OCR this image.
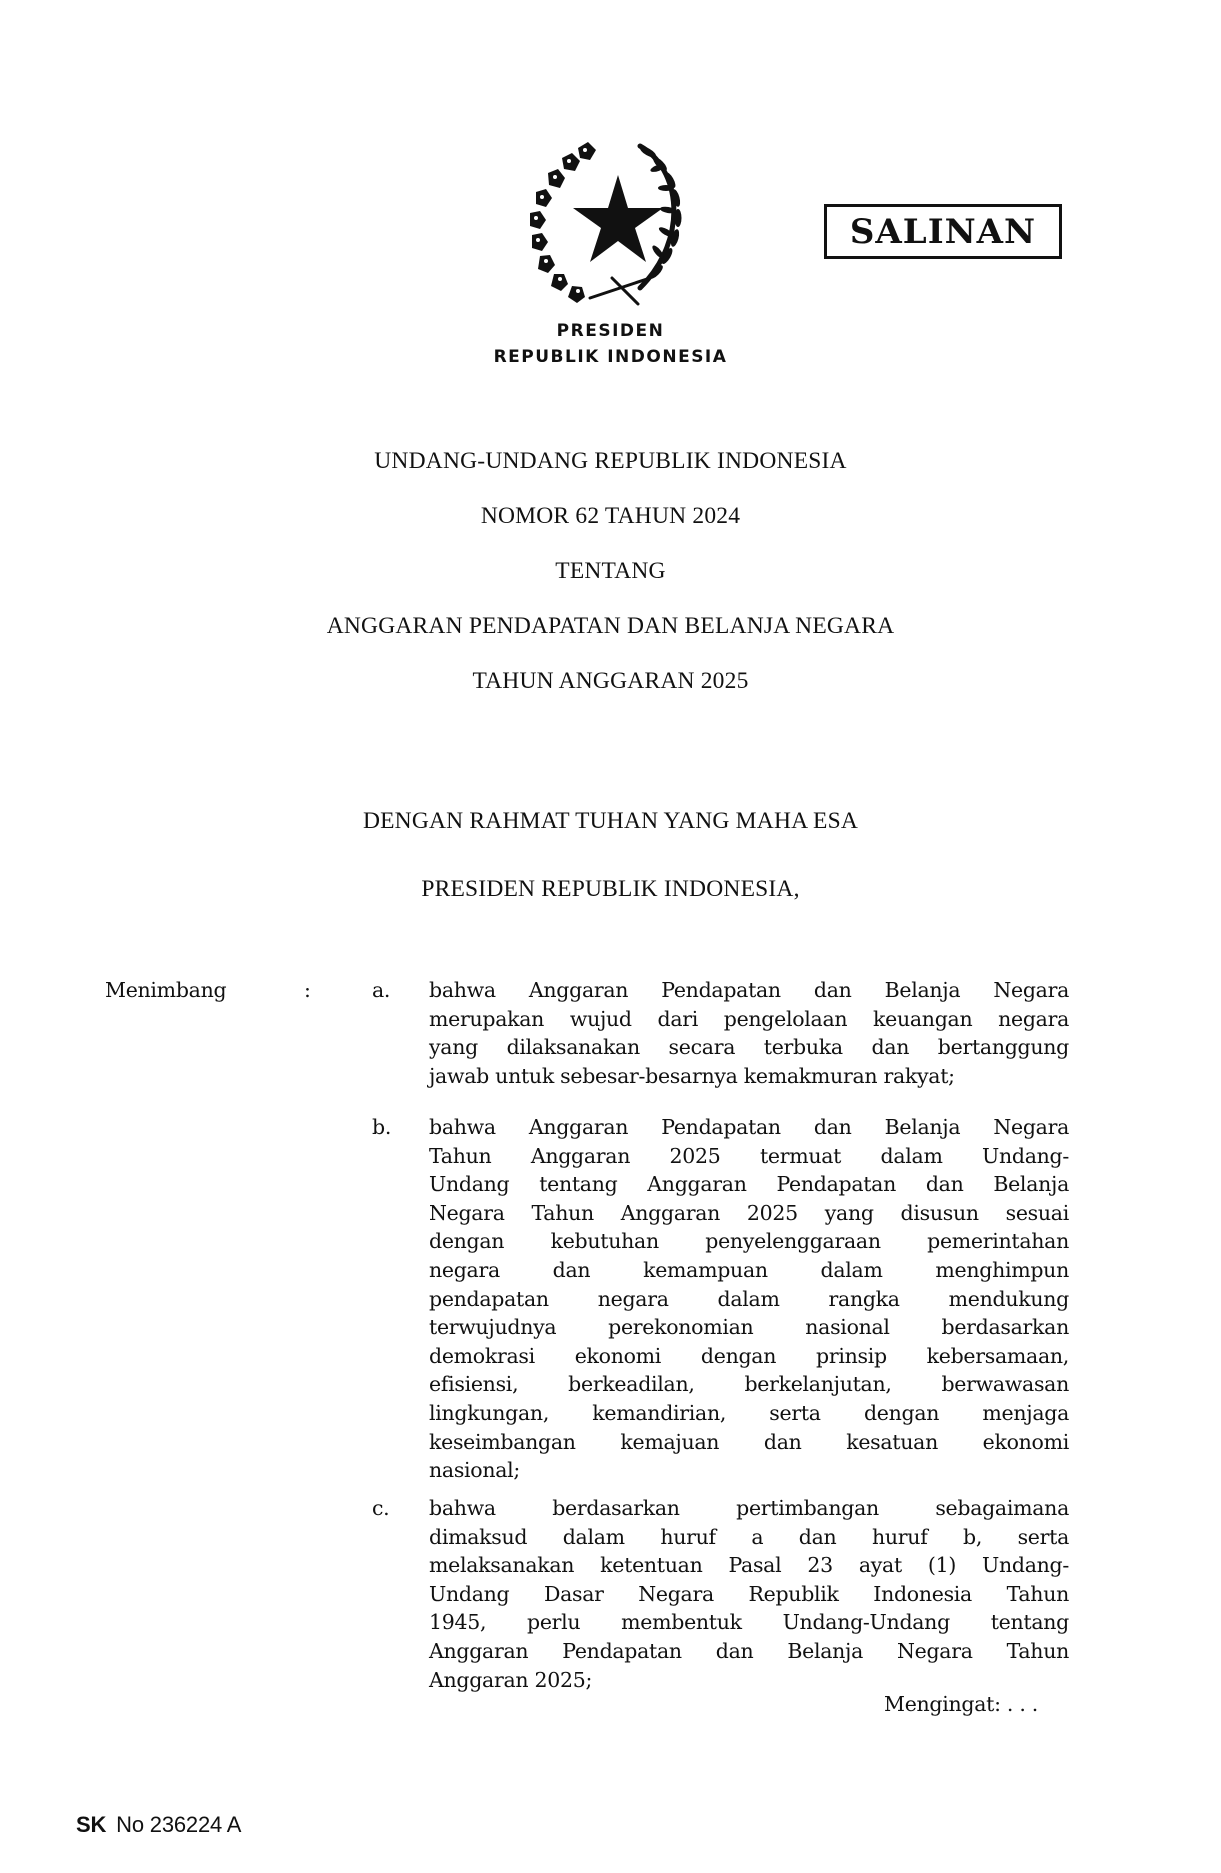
SALINAN
PRESIDEN
REPUBLIK INDONESIA
UNDANG-UNDANG REPUBLIK INDONESIA
NOMOR 62 TAHUN 2024
TENTANG
ANGGARAN PENDAPATAN DAN BELANJA NEGARA
TAHUN ANGGARAN 2025
DENGAN RAHMAT TUHAN YANG MAHA ESA
PRESIDEN REPUBLIK INDONESIA,
Menimbang	:	a. bahwa Anggaran Pendapatan dan Belanja Negara
merupakan wujud dari pengelolaan keuangan negara
yang dilaksanakan secara terbuka dan bertanggung
jawab untuk sebesar-besarnya kemakmuran rakyat;
b. bahwa Anggaran Pendapatan dan Belanja Negara
Tahun Anggaran 2025 termuat dalam Undang-
Undang tentang Anggaran Pendapatan dan Belanja
Negara Tahun Anggaran 2025 yang disusun sesuai
dengan kebutuhan penyelenggaraan pemerintahan
negara dan kemampuan dalam menghimpun
pendapatan negara dalam rangka mendukung
terwujudnya perekonomian nasional berdasarkan
demokrasi ekonomi dengan prinsip kebersamaan,
efisiensi, berkeadilan, berkelanjutan, berwawasan
lingkungan, kemandirian, serta dengan menjaga
keseimbangan kemajuan dan kesatuan ekonomi
nasional;
c. bahwa berdasarkan pertimbangan sebagaimana
dimaksud dalam huruf a dan huruf b, serta
melaksanakan ketentuan Pasal 23 ayat (1) Undang-
Undang Dasar Negara Republik Indonesia Tahun
1945, perlu membentuk Undang-Undang tentang
Anggaran Pendapatan dan Belanja Negara Tahun
Anggaran 2025;
Mengingat: . . .
SK No 236224 A
